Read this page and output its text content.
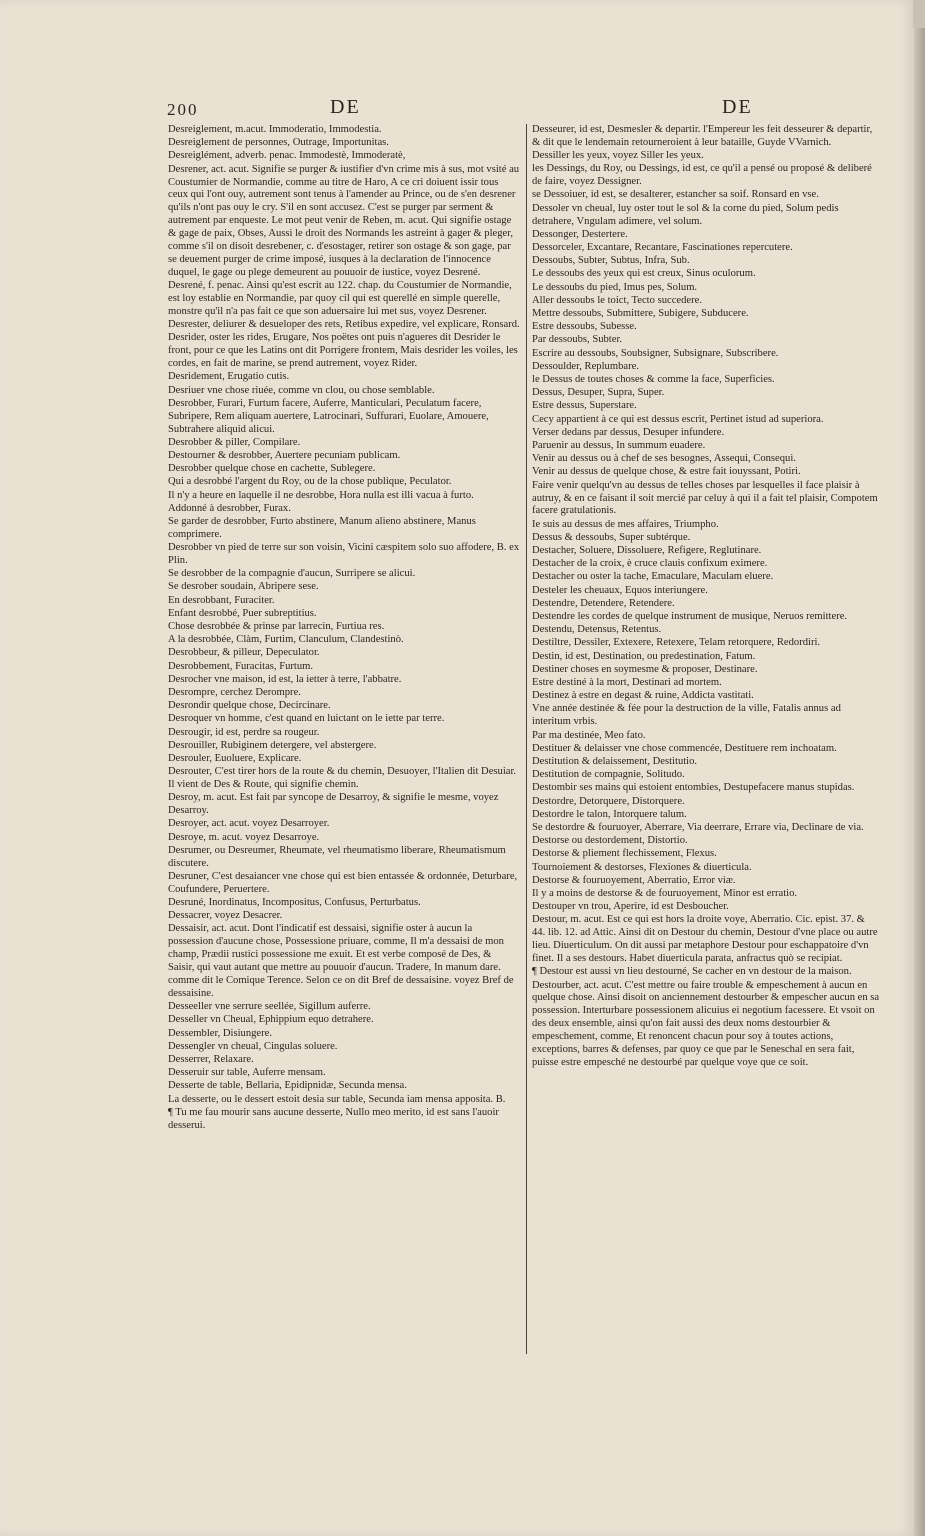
200	DE	DE
Desreiglement, m.acut. Immoderatio, Immodestia.
Desreiglement de personnes, Outrage, Importunitas.
Desreiglément, adverb. penac. Immodestè, Immoderatè,
Desrener, act. acut. Signifie se purger & iustifier d'vn crime mis à sus, mot vsité au Coustumier de Normandie, comme au titre de Haro, A ce cri doiuent issir tous ceux qui l'ont ouy, autrement sont tenus à l'amender au Prince, ou de s'en desrener qu'ils n'ont pas ouy le cry. S'il en sont accusez. C'est se purger par serment & autrement par enqueste. Le mot peut venir de Reben, m. acut. Qui signifie ostage & gage de paix, Obses, Aussi le droit des Normands les astreint à gager & pleger, comme s'il on disoit desrebener, c. d'esostager, retirer son ostage & son gage, par se deuement purger de crime imposé, iusques à la declaration de l'innocence duquel, le gage ou plege demeurent au pouuoir de iustice, voyez Desrené.
Desrené, f. penac. Ainsi qu'est escrit au 122. chap. du Coustumier de Normandie, est loy establie en Normandie, par quoy cil qui est querellé en simple querelle, monstre qu'il n'a pas fait ce que son aduersaire lui met sus, voyez Desrener.
Desrester, deliurer & desueloper des rets, Retibus expedire, vel explicare, Ronsard.
Desrider, oster les rides, Erugare, Nos poëtes ont puis n'agueres dit Desrider le front, pour ce que les Latins ont dit Porrigere frontem, Mais desrider les voiles, les cordes, en fait de marine, se prend autrement, voyez Rider.
Desridement, Erugatio cutis.
Desriuer vne chose riuée, comme vn clou, ou chose semblable.
Desrobber, Furari, Furtum facere, Auferre, Manticulari, Peculatum facere, Subripere, Rem aliquam auertere, Latrocinari, Suffurari, Euolare, Amouere, Subtrahere aliquid alicui.
Desrobber & piller, Compilare.
Destourner & desrobber, Auertere pecuniam publicam.
Desrobber quelque chose en cachette, Sublegere.
Qui a desrobbé l'argent du Roy, ou de la chose publique, Peculator.
Il n'y a heure en laquelle il ne desrobbe, Hora nulla est illi vacua à furto.
Addonné à desrobber, Furax.
Se garder de desrobber, Furto abstinere, Manum alieno abstinere, Manus comprimere.
Desrobber vn pied de terre sur son voisin, Vicini cæspitem solo suo affodere, B. ex Plin.
Se desrobber de la compagnie d'aucun, Surripere se alicui.
Se desrober soudain, Abripere sese.
En desrobbant, Furaciter.
Enfant desrobbé, Puer subreptitius.
Chose desrobbée & prinse par larrecin, Furtiua res.
A la desrobbée, Clàm, Furtim, Clanculum, Clandestinò.
Desrobbeur, & pilleur, Depeculator.
Desrobbement, Furacitas, Furtum.
Desrocher vne maison, id est, la ietter à terre, l'abbatre.
Desrompre, cerchez Derompre.
Desrondir quelque chose, Decircinare.
Desroquer vn homme, c'est quand en luictant on le iette par terre.
Desrougir, id est, perdre sa rougeur.
Desrouiller, Rubiginem detergere, vel abstergere.
Desrouler, Euoluere, Explicare.
Desrouter, C'est tirer hors de la route & du chemin, Desuoyer, l'Italien dit Desuiar. Il vient de Des & Route, qui signifie chemin.
Desroy, m. acut. Est fait par syncope de Desarroy, & signifie le mesme, voyez Desarroy.
Desroyer, act. acut. voyez Desarroyer.
Desroye, m. acut. voyez Desarroye.
Desrumer, ou Desreumer, Rheumate, vel rheumatismo liberare, Rheumatismum discutere.
Desruner, C'est desaiancer vne chose qui est bien entassée & ordonnée, Deturbare, Coufundere, Peruertere.
Desruné, Inordinatus, Incompositus, Confusus, Perturbatus.
Dessacrer, voyez Desacrer.
Dessaisir, act. acut. Dont l'indicatif est dessaisi, signifie oster à aucun la possession d'aucune chose, Possessione priuare, comme, Il m'a dessaisi de mon champ, Prædii rustici possessione me exuit. Et est verbe composé de Des, & Saisir, qui vaut autant que mettre au pouuoir d'aucun. Tradere, In manum dare. comme dit le Comique Terence. Selon ce on dit Bref de dessaisine. voyez Bref de dessaisine.
Desseeller vne serrure seellée, Sigillum auferre.
Desseller vn Cheual, Ephippium equo detrahere.
Dessembler, Disiungere.
Dessengler vn cheual, Cingulas soluere.
Desserrer, Relaxare.
Desseruir sur table, Auferre mensam.
Desserte de table, Bellaria, Epidipnidæ, Secunda mensa.
La desserte, ou le dessert estoit desia sur table, Secunda iam mensa apposita. B.
¶ Tu me fau mourir sans aucune desserte, Nullo meo merito, id est sans l'auoir desserui.
Desseurer, id est, Desmesler & departir. l'Empereur les feit desseurer & departir, & dit que le lendemain retourneroient à leur bataille, Guyde VVarnich.
Dessiller les yeux, voyez Siller les yeux.
les Dessings, du Roy, ou Dessings, id est, ce qu'il a pensé ou proposé & deliberé de faire, voyez Dessigner.
se Dessoiuer, id est, se desalterer, estancher sa soif. Ronsard en vse.
Dessoler vn cheual, luy oster tout le sol & la corne du pied, Solum pedis detrahere, Vngulam adimere, vel solum.
Dessonger, Destertere.
Dessorceler, Excantare, Recantare, Fascinationes repercutere.
Dessoubs, Subter, Subtus, Infra, Sub.
Le dessoubs des yeux qui est creux, Sinus oculorum.
Le dessoubs du pied, Imus pes, Solum.
Aller dessoubs le toict, Tecto succedere.
Mettre dessoubs, Submittere, Subigere, Subducere.
Estre dessoubs, Subesse.
Par dessoubs, Subter.
Escrire au dessoubs, Soubsigner, Subsignare, Subscribere.
Dessoulder, Replumbare.
le Dessus de toutes choses & comme la face, Superficies.
Dessus, Desuper, Supra, Super.
Estre dessus, Superstare.
Cecy appartient à ce qui est dessus escrit, Pertinet istud ad superiora.
Verser dedans par dessus, Desuper infundere.
Paruenir au dessus, In summum euadere.
Venir au dessus ou à chef de ses besognes, Assequi, Consequi.
Venir au dessus de quelque chose, & estre fait iouyssant, Potiri.
Faire venir quelqu'vn au dessus de telles choses par lesquelles il face plaisir à autruy, & en ce faisant il soit mercié par celuy à qui il a fait tel plaisir, Compotem facere gratulationis.
Ie suis au dessus de mes affaires, Triumpho.
Dessus & dessoubs, Super subtérque.
Destacher, Soluere, Dissoluere, Refigere, Reglutinare.
Destacher de la croix, è cruce clauis confixum eximere.
Destacher ou oster la tache, Emaculare, Maculam eluere.
Desteler les cheuaux, Equos interiungere.
Destendre, Detendere, Retendere.
Destendre les cordes de quelque instrument de musique, Neruos remittere.
Destendu, Detensus, Retentus.
Destiltre, Dessiler, Extexere, Retexere, Telam retorquere, Redordiri.
Destin, id est, Destination, ou predestination, Fatum.
Destiner choses en soymesme & proposer, Destinare.
Estre destiné à la mort, Destinari ad mortem.
Destinez à estre en degast & ruine, Addicta vastitati.
Vne année destinée & fée pour la destruction de la ville, Fatalis annus ad interitum vrbis.
Par ma destinée, Meo fato.
Destituer & delaisser vne chose commencée, Destituere rem inchoatam.
Destitution & delaissement, Destitutio.
Destitution de compagnie, Solitudo.
Destombir ses mains qui estoient entombies, Destupefacere manus stupidas.
Destordre, Detorquere, Distorquere.
Destordre le talon, Intorquere talum.
Se destordre & fouruoyer, Aberrare, Via deerrare, Errare via, Declinare de via.
Destorse ou destordement, Distortio.
Destorse & pliement flechissement, Flexus.
Tournoiement & destorses, Flexiones & diuerticula.
Destorse & fouruoyement, Aberratio, Error viæ.
Il y a moins de destorse & de fouruoyement, Minor est erratio.
Destouper vn trou, Aperire, id est Desboucher.
Destour, m. acut. Est ce qui est hors la droite voye, Aberratio. Cic. epist. 37. & 44. lib. 12. ad Attic. Ainsi dit on Destour du chemin, Destour d'vne place ou autre lieu. Diuerticulum. On dit aussi par metaphore Destour pour eschappatoire d'vn finet. Il a ses destours. Habet diuerticula parata, anfractus quò se recipiat.
¶ Destour est aussi vn lieu destourné, Se cacher en vn destour de la maison.
Destourber, act. acut. C'est mettre ou faire trouble & empeschement à aucun en quelque chose. Ainsi disoit on anciennement destourber & empescher aucun en sa possession. Interturbare possessionem alicuius ei negotium facessere. Et vsoit on des deux ensemble, ainsi qu'on fait aussi des deux noms destourbier & empeschement, comme, Et renoncent chacun pour soy à toutes actions, exceptions, barres & defenses, par quoy ce que par le Seneschal en sera fait, puisse estre empesché ne destourbé par quelque voye que ce soit.
